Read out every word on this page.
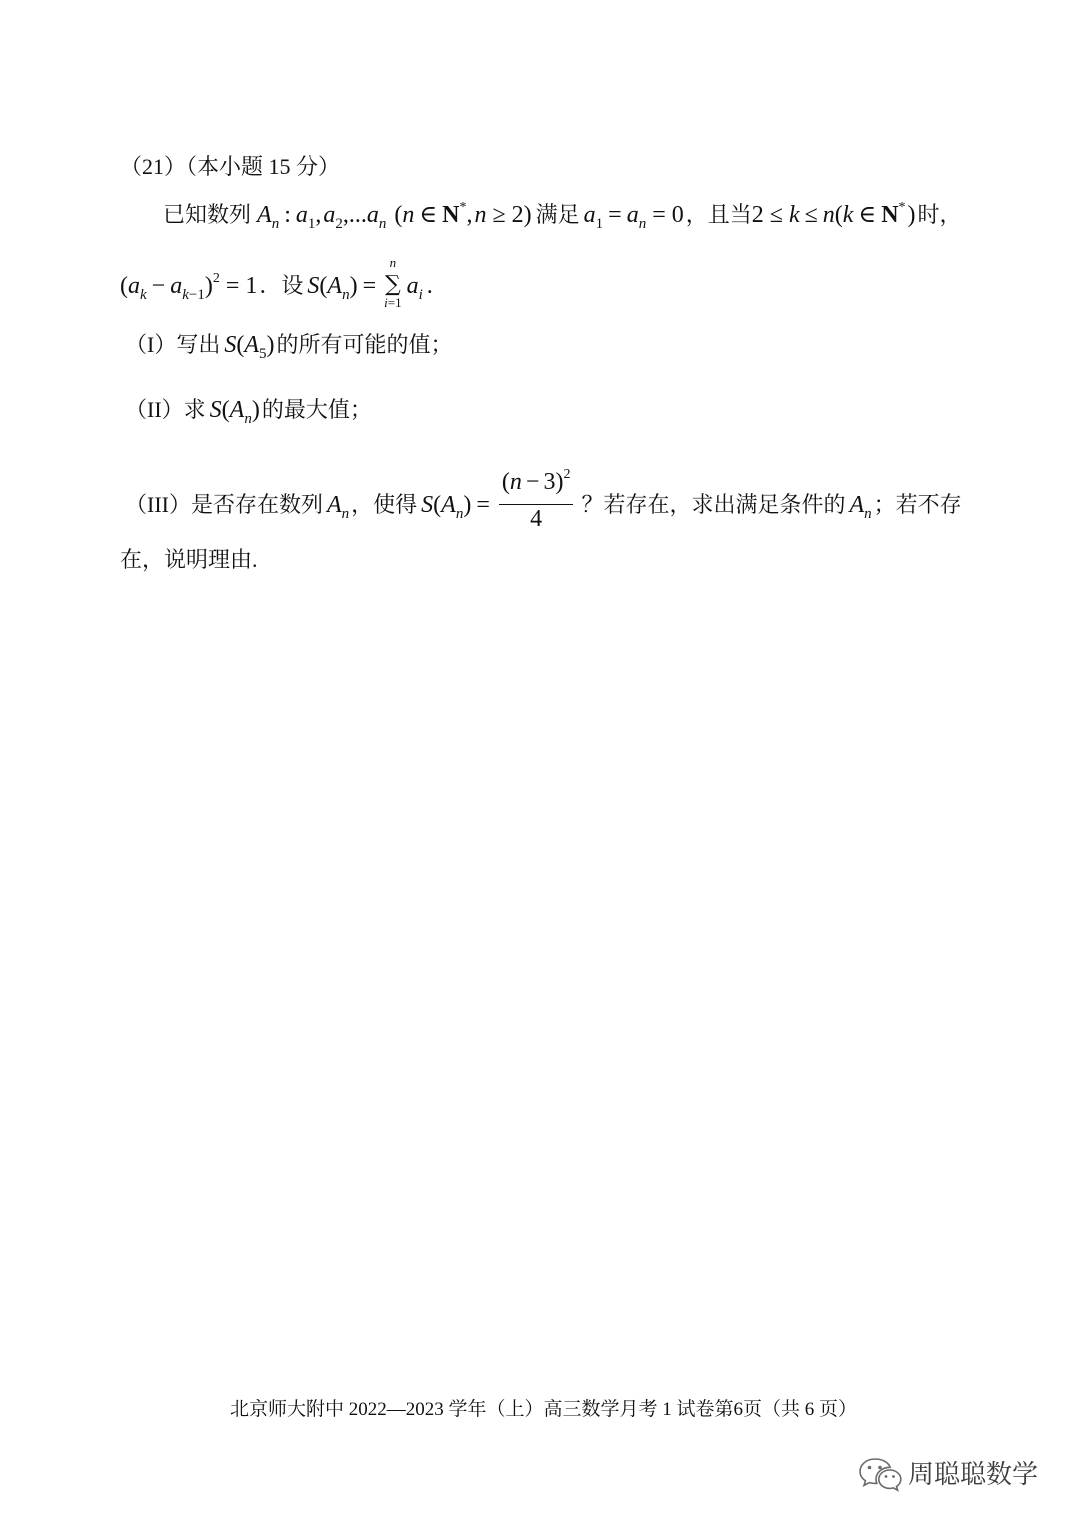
（21）（本小题 15 分）
已知数列 A n : a 1 , a 2 ,... a n ( n ∈ N * , n ≥ 2) 满足 a 1 = a n = 0 ，且当 2 ≤ k ≤ n ( k ∈ N * ) 时，
( a k − a k −1 ) 2 = 1 ．设 S ( A n ) =
n
∑
i=1
a i .
（I）写出 S ( A 5 ) 的所有可能的值；
（II）求 S ( A n ) 的最大值；
（III）是否存在数列 A n ，使得 S ( A n ) = $\frac{( n - 3) 2}{4}$ ？若存在，求出满足条件的 A n ；若不存
在，说明理由.
北京师大附中 2022—2023 学年（上）高三数学月考 1 试卷第6页（共 6 页）
周聪聪数学
